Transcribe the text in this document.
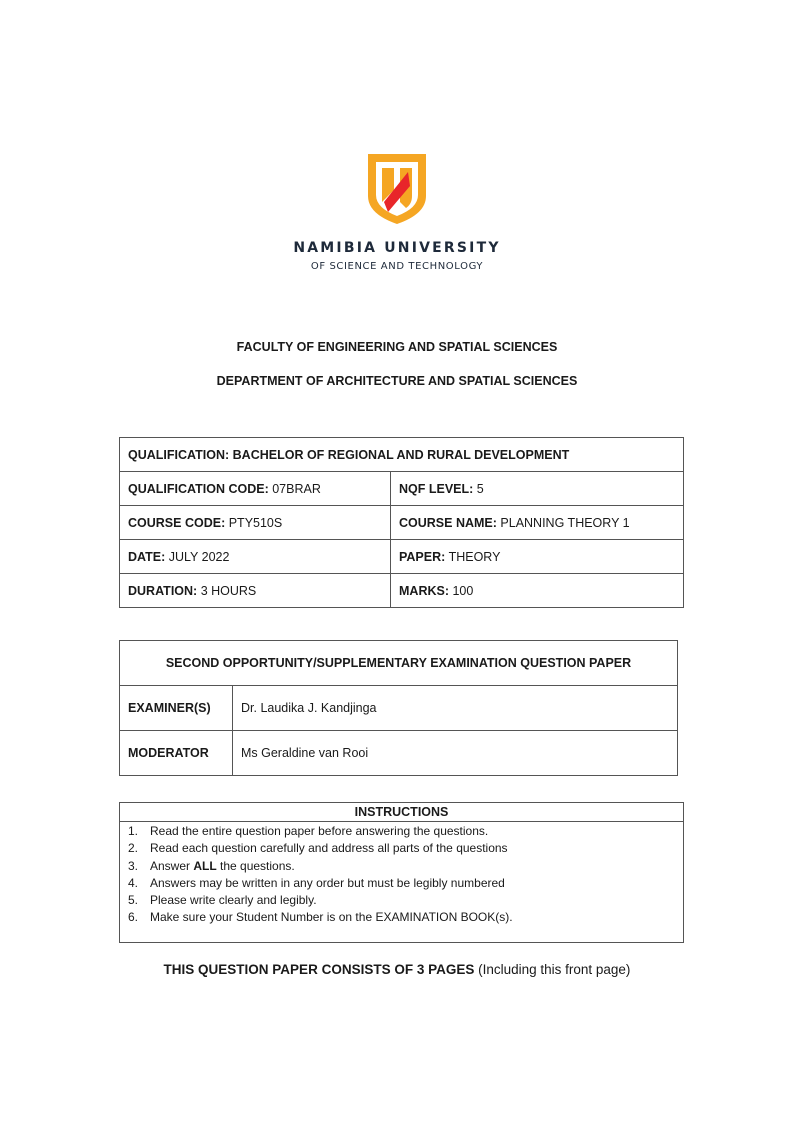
NAMIBIA UNIVERSITY
OF SCIENCE AND TECHNOLOGY
FACULTY OF ENGINEERING AND SPATIAL SCIENCES
DEPARTMENT OF ARCHITECTURE AND SPATIAL SCIENCES
QUALIFICATION: BACHELOR OF REGIONAL AND RURAL DEVELOPMENT	
QUALIFICATION CODE: 07BRAR	NQF LEVEL: 5
COURSE CODE: PTY510S	COURSE NAME: PLANNING THEORY 1
DATE: JULY 2022	PAPER: THEORY
DURATION: 3 HOURS	MARKS: 100
SECOND OPPORTUNITY/SUPPLEMENTARY EXAMINATION QUESTION PAPER	
EXAMINER(S)	Dr. Laudika J. Kandjinga
MODERATOR	Ms Geraldine van Rooi
INSTRUCTIONS
1. Read the entire question paper before answering the questions.
2. Read each question carefully and address all parts of the questions
3. Answer ALL the questions.
4. Answers may be written in any order but must be legibly numbered
5. Please write clearly and legibly.
6. Make sure your Student Number is on the EXAMINATION BOOK(s).
THIS QUESTION PAPER CONSISTS OF 3 PAGES (Including this front page)
